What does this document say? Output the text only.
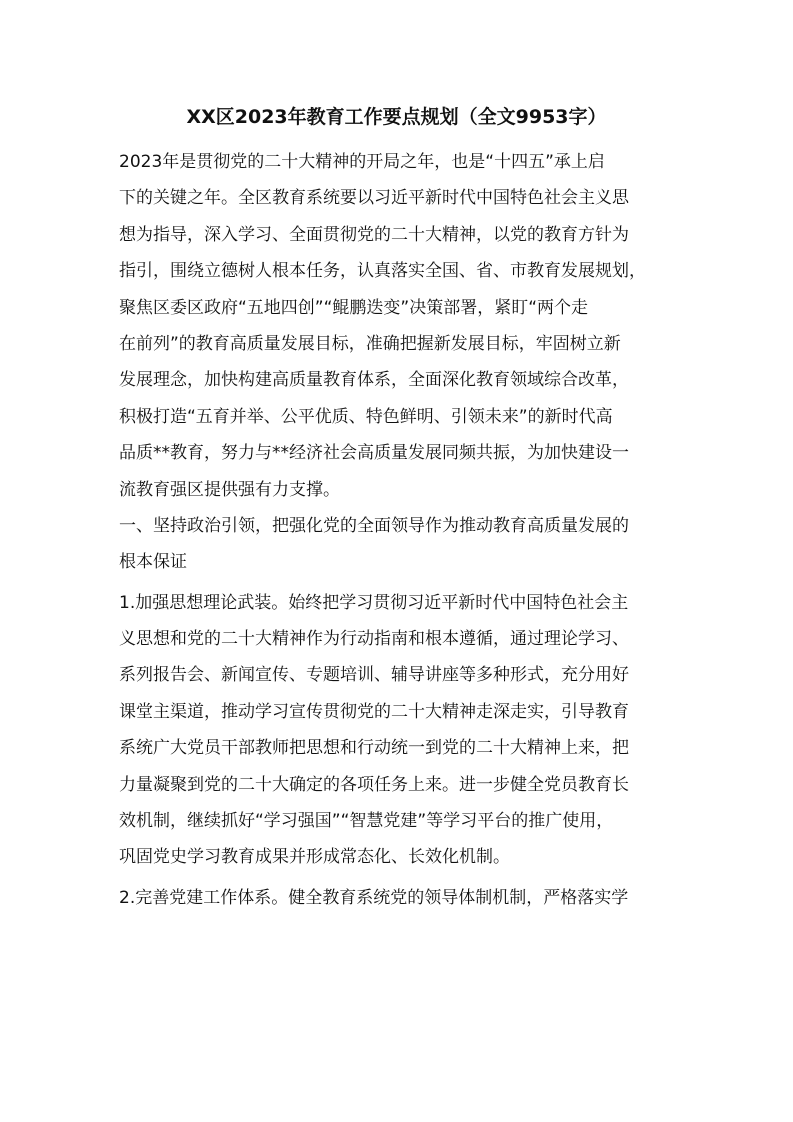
XX区2023年教育工作要点规划（全文9953字）
2023年是贯彻党的二十大精神的开局之年，也是“十四五”承上启
下的关键之年。全区教育系统要以习近平新时代中国特色社会主义思
想为指导，深入学习、全面贯彻党的二十大精神，以党的教育方针为
指引，围绕立德树人根本任务，认真落实全国、省、市教育发展规划，
聚焦区委区政府“五地四创”“鲲鹏迭变”决策部署，紧盯“两个走
在前列”的教育高质量发展目标，准确把握新发展目标，牢固树立新
发展理念，加快构建高质量教育体系，全面深化教育领域综合改革，
积极打造“五育并举、公平优质、特色鲜明、引领未来”的新时代高
品质**教育，努力与**经济社会高质量发展同频共振，为加快建设一
流教育强区提供强有力支撑。
一、坚持政治引领，把强化党的全面领导作为推动教育高质量发展的
根本保证
1.加强思想理论武装。始终把学习贯彻习近平新时代中国特色社会主
义思想和党的二十大精神作为行动指南和根本遵循，通过理论学习、
系列报告会、新闻宣传、专题培训、辅导讲座等多种形式，充分用好
课堂主渠道，推动学习宣传贯彻党的二十大精神走深走实，引导教育
系统广大党员干部教师把思想和行动统一到党的二十大精神上来，把
力量凝聚到党的二十大确定的各项任务上来。进一步健全党员教育长
效机制，继续抓好“学习强国”“智慧党建”等学习平台的推广使用，
巩固党史学习教育成果并形成常态化、长效化机制。
2.完善党建工作体系。健全教育系统党的领导体制机制，严格落实学
